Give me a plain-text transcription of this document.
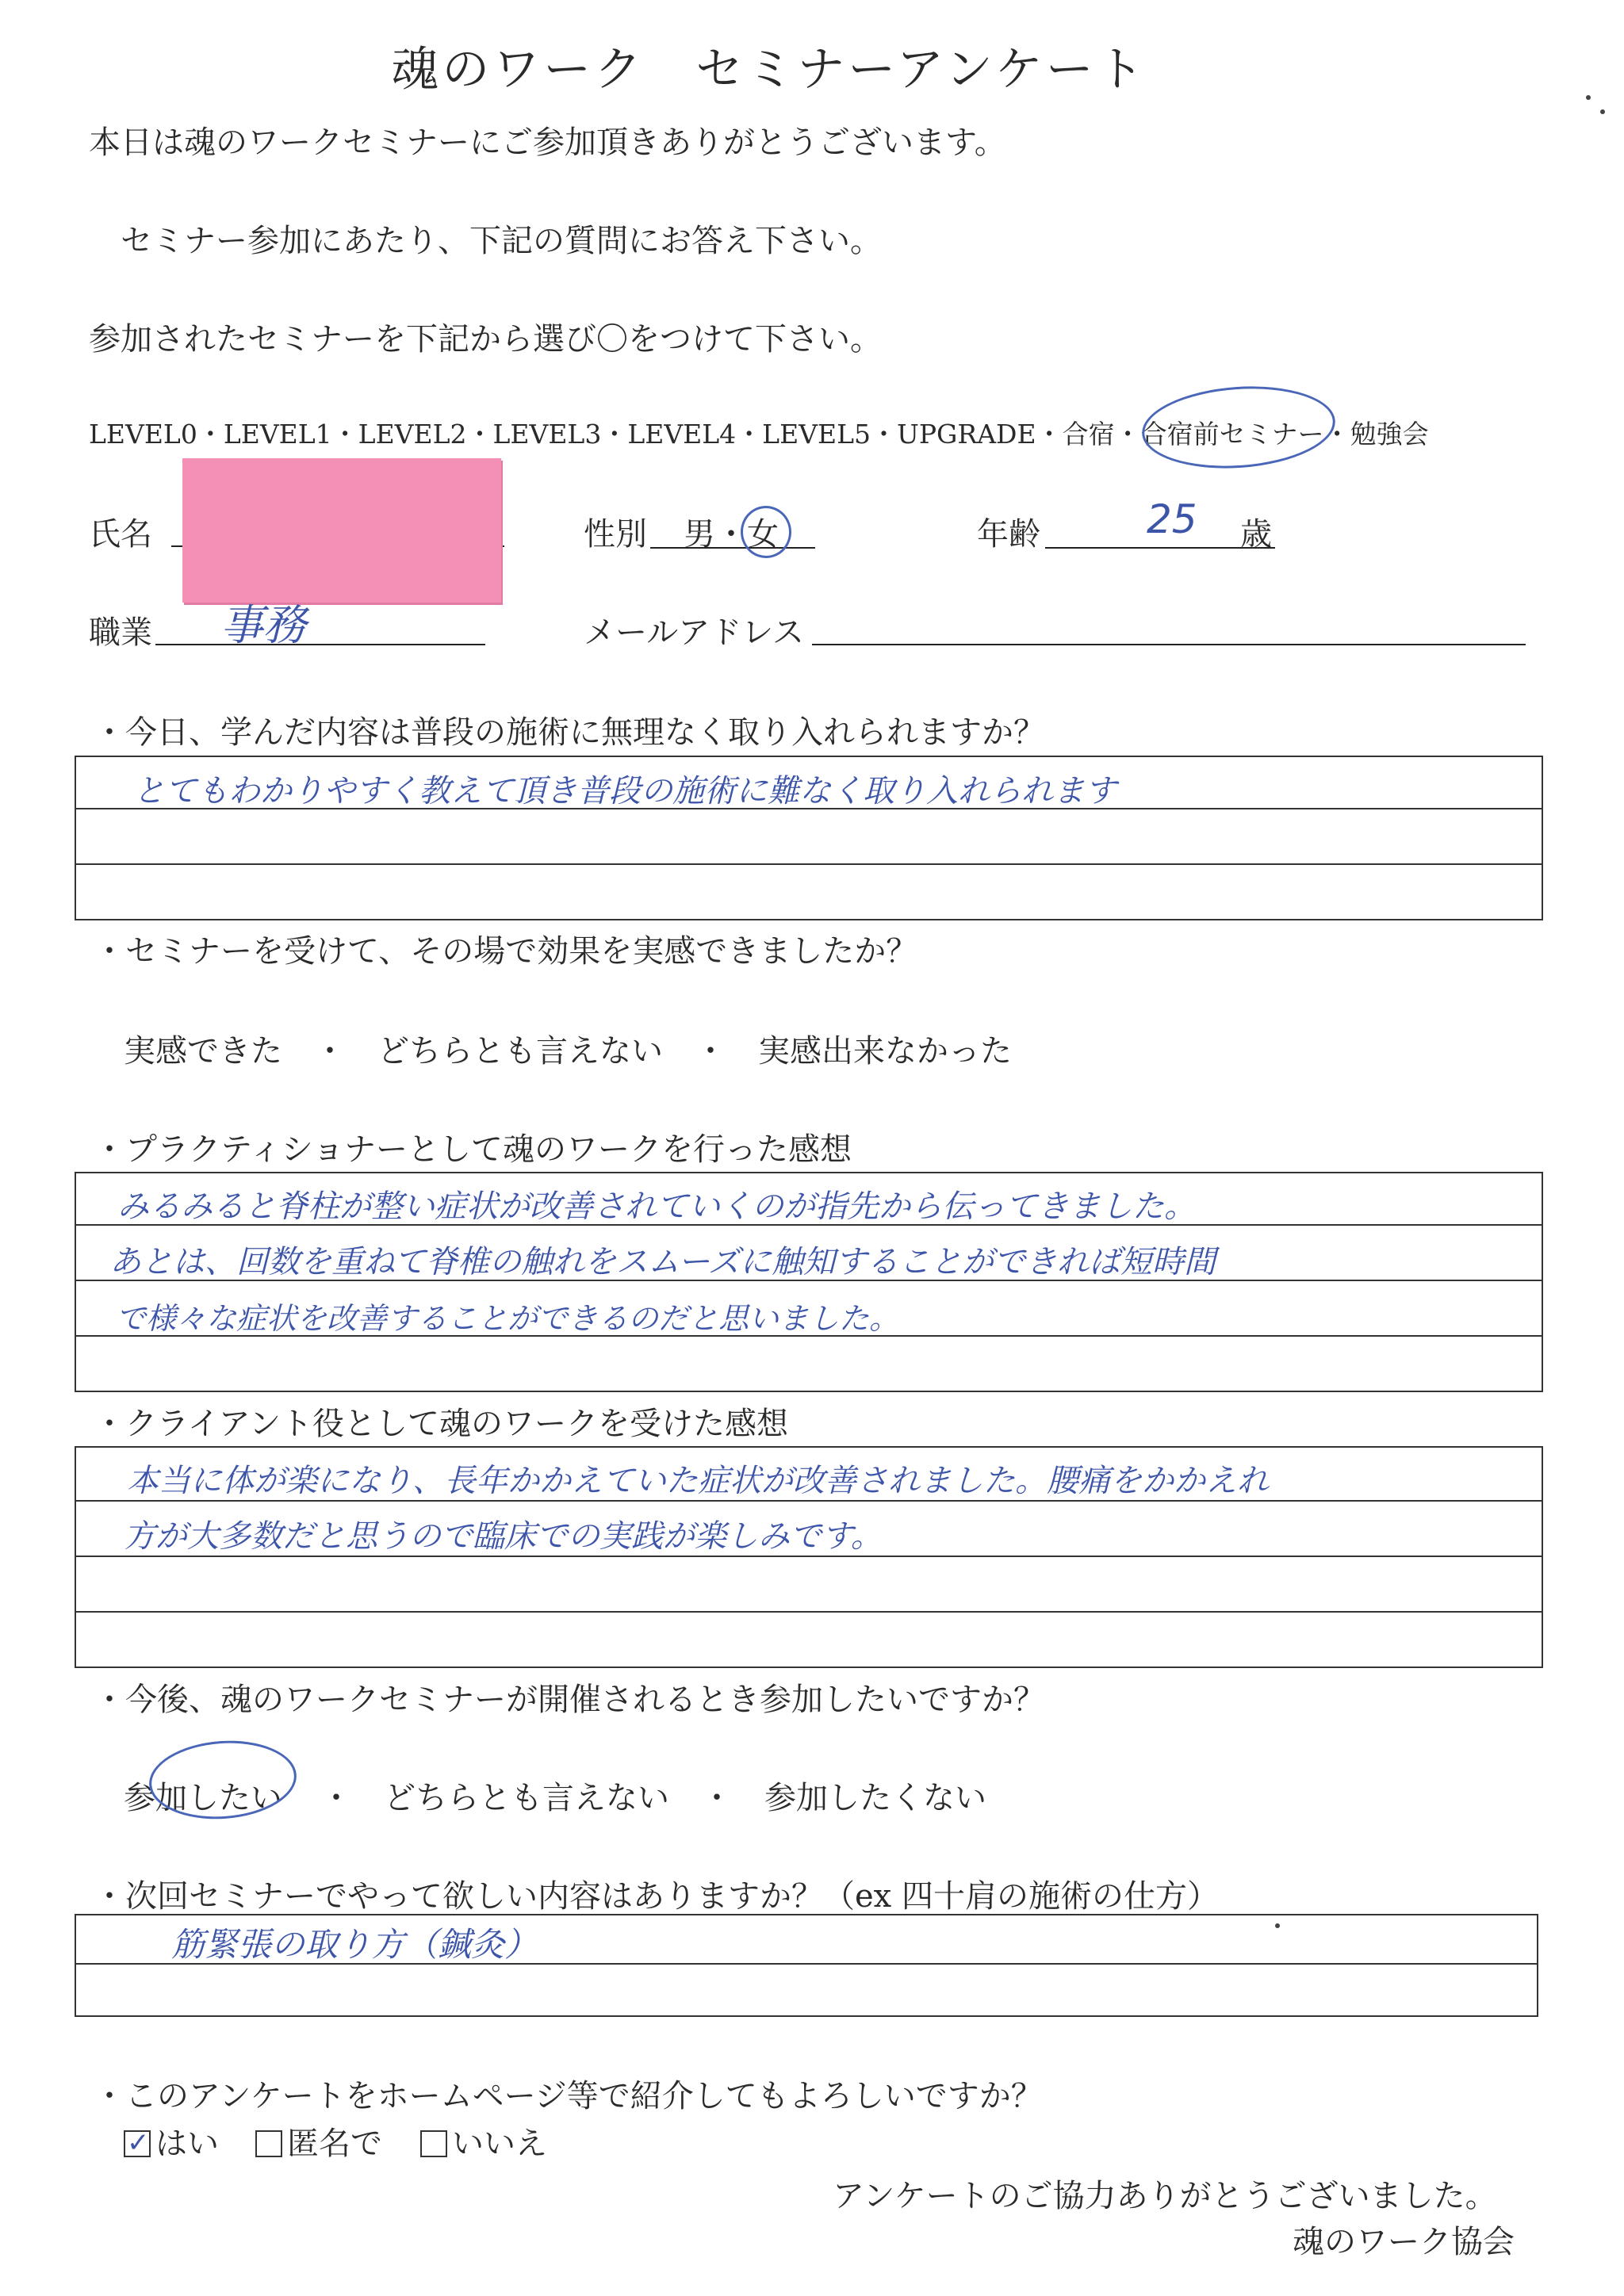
魂のワーク　セミナーアンケート
本日は魂のワークセミナーにご参加頂きありがとうございます。
セミナー参加にあたり、下記の質問にお答え下さい。
参加されたセミナーを下記から選び〇をつけて下さい。
LEVEL0・LEVEL1・LEVEL2・LEVEL3・LEVEL4・LEVEL5・UPGRADE・合宿・合宿前セミナー・勉強会
氏名	性別 男・女	年齢	25 歳
職業 事務	メールアドレス
・今日、学んだ内容は普段の施術に無理なく取り入れられますか？
とてもわかりやすく教えて頂き普段の施術に難なく取り入れられます
・セミナーを受けて、その場で効果を実感できましたか？
実感できた　・　どちらとも言えない　・　実感出来なかった
・プラクティショナーとして魂のワークを行った感想
みるみると脊柱が整い症状が改善されていくのが指先から伝ってきました。
あとは、回数を重ねて脊椎の触れをスムーズに触知することができれば短時間
で様々な症状を改善することができるのだと思いました。
・クライアント役として魂のワークを受けた感想
本当に体が楽になり、長年かかえていた症状が改善されました。腰痛をかかえれ
方が大多数だと思うので臨床での実践が楽しみです。
・今後、魂のワークセミナーが開催されるとき参加したいですか？
参加したい ・　どちらとも言えない　・　参加したくない
・次回セミナーでやって欲しい内容はありますか？（ex 四十肩の施術の仕方）
筋緊張の取り方（鍼灸）
・このアンケートをホームページ等で紹介してもよろしいですか？
✓ はい	匿名で	いいえ
アンケートのご協力ありがとうございました。
魂のワーク協会
